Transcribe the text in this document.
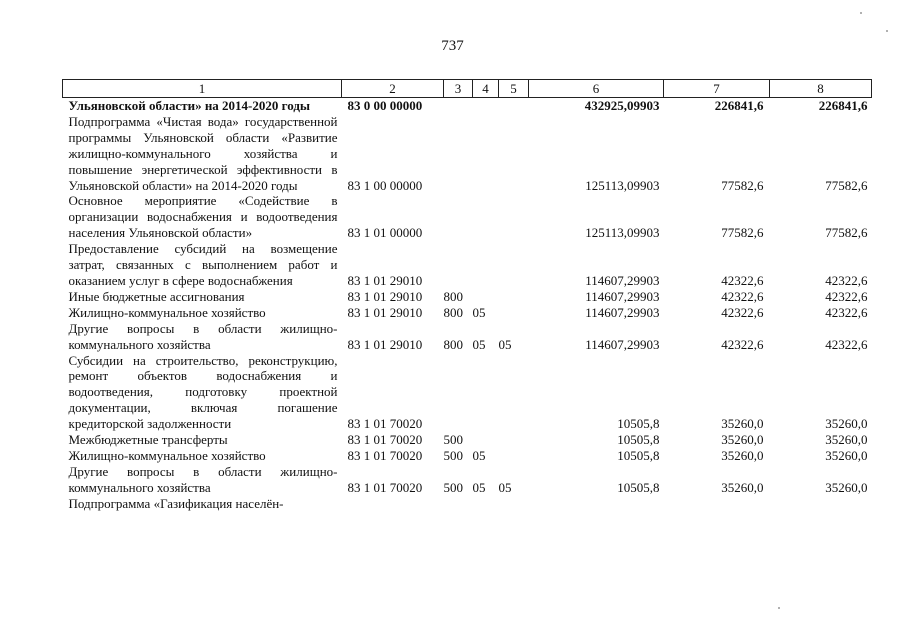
737
1	2	3	4	5	6	7	8
Ульяновской области» на 2014-2020 годы	83 0 00 00000				432925,09903	226841,6	226841,6
Подпрограмма «Чистая вода» государственной программы Ульяновской области «Развитие жилищно-коммунального хозяйства и повышение энергетической эффективности в Ульяновской области» на 2014-2020 годы	83 1 00 00000				125113,09903	77582,6	77582,6
Основное мероприятие «Содействие в организации водоснабжения и водоотведения населения Ульяновской области»	83 1 01 00000				125113,09903	77582,6	77582,6
Предоставление субсидий на возмещение затрат, связанных с выполнением работ и оказанием услуг в сфере водоснабжения	83 1 01 29010				114607,29903	42322,6	42322,6
Иные бюджетные ассигнования	83 1 01 29010	800			114607,29903	42322,6	42322,6
Жилищно-коммунальное хозяйство	83 1 01 29010	800	05		114607,29903	42322,6	42322,6
Другие вопросы в области жилищно-коммунального хозяйства	83 1 01 29010	800	05	05	114607,29903	42322,6	42322,6
Субсидии на строительство, реконструкцию, ремонт объектов водоснабжения и водоотведения, подготовку проектной документации, включая погашение кредиторской задолженности	83 1 01 70020				10505,8	35260,0	35260,0
Межбюджетные трансферты	83 1 01 70020	500			10505,8	35260,0	35260,0
Жилищно-коммунальное хозяйство	83 1 01 70020	500	05		10505,8	35260,0	35260,0
Другие вопросы в области жилищно-коммунального хозяйства	83 1 01 70020	500	05	05	10505,8	35260,0	35260,0
Подпрограмма «Газификация населён-							
